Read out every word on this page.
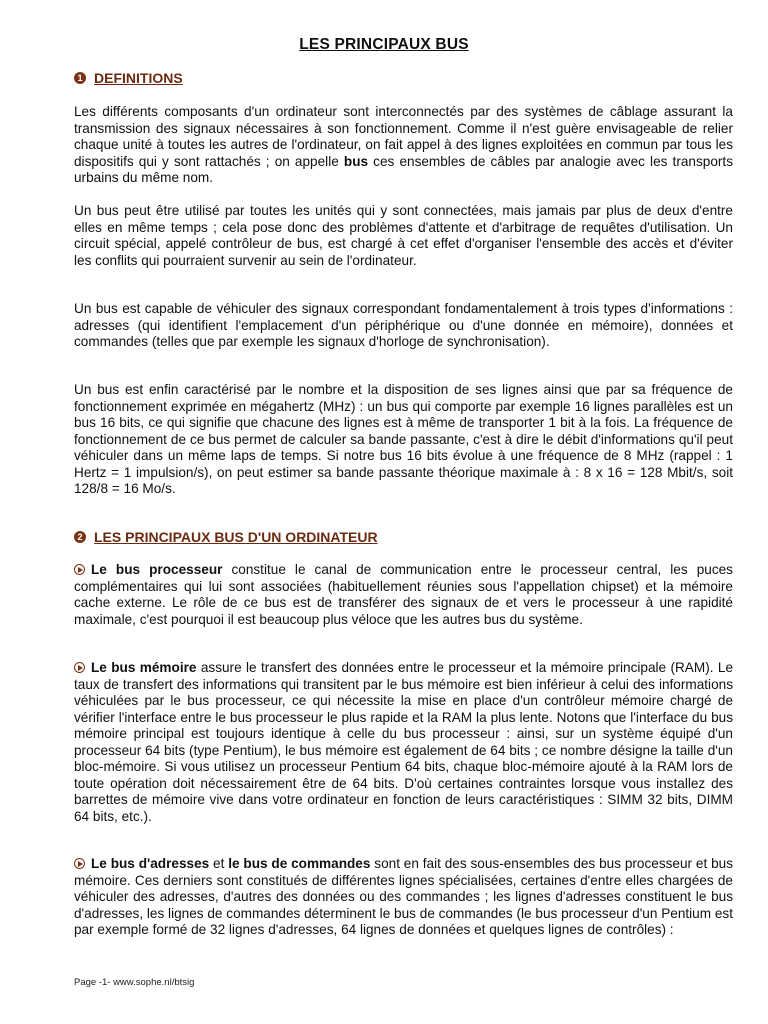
LES PRINCIPAUX BUS
1 DEFINITIONS

Les différents composants d'un ordinateur sont interconnectés par des systèmes de câblage assurant la transmission des signaux nécessaires à son fonctionnement. Comme il n'est guère envisageable de relier chaque unité à toutes les autres de l'ordinateur, on fait appel à des lignes exploitées en commun par tous les dispositifs qui y sont rattachés ; on appelle bus ces ensembles de câbles par analogie avec les transports urbains du même nom.

Un bus peut être utilisé par toutes les unités qui y sont connectées, mais jamais par plus de deux d'entre elles en même temps ; cela pose donc des problèmes d'attente et d'arbitrage de requêtes d'utilisation. Un circuit spécial, appelé contrôleur de bus, est chargé à cet effet d'organiser l'ensemble des accès et d'éviter les conflits qui pourraient survenir au sein de l'ordinateur.

Un bus est capable de véhiculer des signaux correspondant fondamentalement à trois types d'informations : adresses (qui identifient l'emplacement d'un périphérique ou d'une donnée en mémoire), données et commandes (telles que par exemple les signaux d'horloge de synchronisation).

Un bus est enfin caractérisé par le nombre et la disposition de ses lignes ainsi que par sa fréquence de fonctionnement exprimée en mégahertz (MHz) : un bus qui comporte par exemple 16 lignes parallèles est un bus 16 bits, ce qui signifie que chacune des lignes est à même de transporter 1 bit à la fois. La fréquence de fonctionnement de ce bus permet de calculer sa bande passante, c'est à dire le débit d'informations qu'il peut véhiculer dans un même laps de temps. Si notre bus 16 bits évolue à une fréquence de 8 MHz (rappel : 1 Hertz = 1 impulsion/s), on peut estimer sa bande passante théorique maximale à : 8 x 16 = 128 Mbit/s, soit 128/8 = 16 Mo/s.

2 LES PRINCIPAUX BUS D'UN ORDINATEUR

Le bus processeur constitue le canal de communication entre le processeur central, les puces complémentaires qui lui sont associées (habituellement réunies sous l'appellation chipset) et la mémoire cache externe. Le rôle de ce bus est de transférer des signaux de et vers le processeur à une rapidité maximale, c'est pourquoi il est beaucoup plus véloce que les autres bus du système.

Le bus mémoire assure le transfert des données entre le processeur et la mémoire principale (RAM). Le taux de transfert des informations qui transitent par le bus mémoire est bien inférieur à celui des informations véhiculées par le bus processeur, ce qui nécessite la mise en place d'un contrôleur mémoire chargé de vérifier l'interface entre le bus processeur le plus rapide et la RAM la plus lente. Notons que l'interface du bus mémoire principal est toujours identique à celle du bus processeur : ainsi, sur un système équipé d'un processeur 64 bits (type Pentium), le bus mémoire est également de 64 bits ; ce nombre désigne la taille d'un bloc-mémoire. Si vous utilisez un processeur Pentium 64 bits, chaque bloc-mémoire ajouté à la RAM lors de toute opération doit nécessairement être de 64 bits. D'où certaines contraintes lorsque vous installez des barrettes de mémoire vive dans votre ordinateur en fonction de leurs caractéristiques : SIMM 32 bits, DIMM 64 bits, etc.).

Le bus d'adresses et le bus de commandes sont en fait des sous-ensembles des bus processeur et bus mémoire. Ces derniers sont constitués de différentes lignes spécialisées, certaines d'entre elles chargées de véhiculer des adresses, d'autres des données ou des commandes ; les lignes d'adresses constituent le bus d'adresses, les lignes de commandes déterminent le bus de commandes (le bus processeur d'un Pentium est par exemple formé de 32 lignes d'adresses, 64 lignes de données et quelques lignes de contrôles) :

Page -1- www.sophe.nl/btsig
